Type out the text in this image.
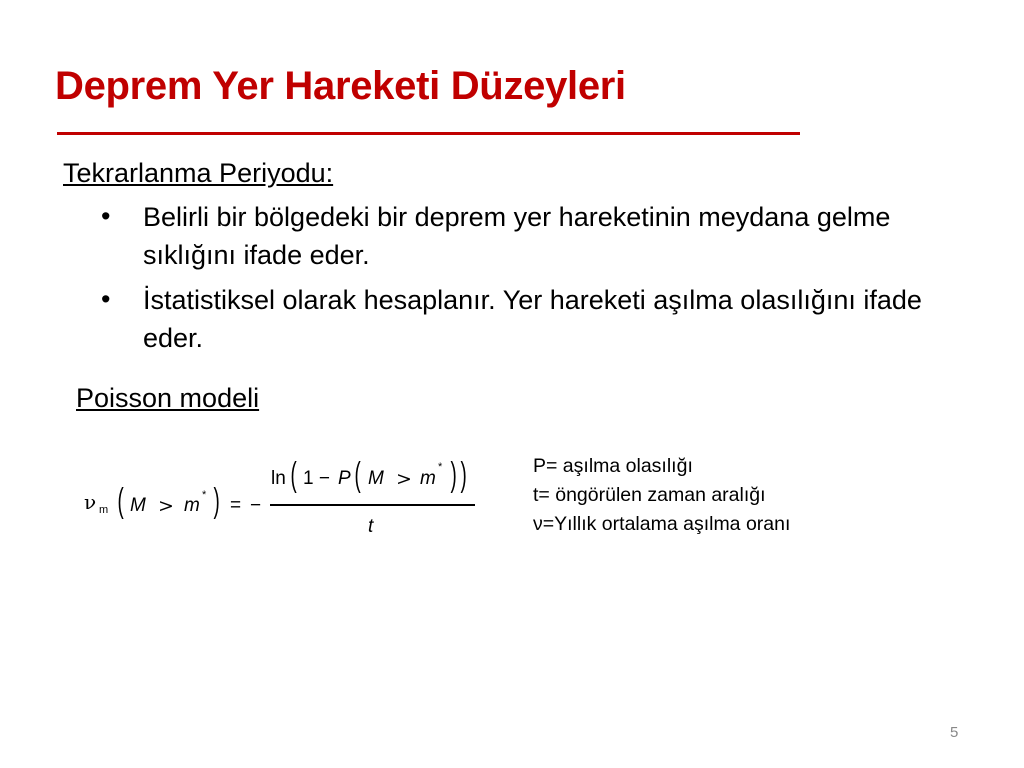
Deprem Yer Hareketi Düzeyleri
Tekrarlanma Periyodu:
• Belirli bir bölgedeki bir deprem yer hareketinin meydana gelme sıklığını ifade eder.
• İstatistiksel olarak hesaplanır. Yer hareketi aşılma olasılığını ifade eder.
Poisson modeli
ν m ( M > m * ) = −
ln ( 1 − P ( M > m
* ) )
t
P= aşılma olasılığı
t= öngörülen zaman aralığı
ν=Yıllık ortalama aşılma oranı
5
